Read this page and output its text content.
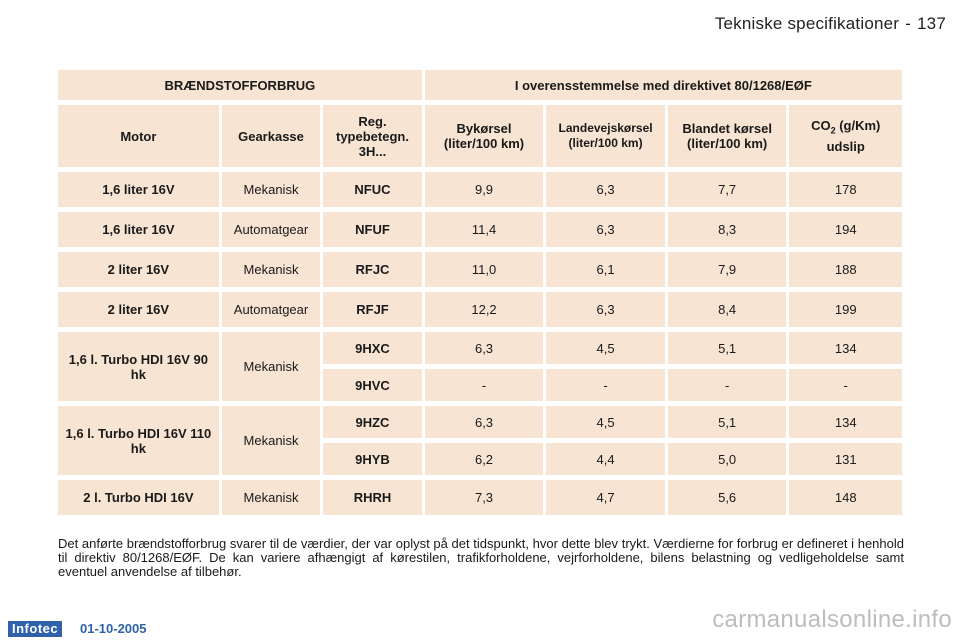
Tekniske specifikationer - 137
BRÆNDSTOFFORBRUG			I overensstemmelse med direktivet 80/1268/EØF			
Motor	Gearkasse	Reg. typebetegn. 3H...	Bykørsel (liter/100 km)	Landevejskørsel (liter/100 km)	Blandet kørsel (liter/100 km)	$CO_2$ (g/Km) udslip
1,6 liter 16V	Mekanisk	NFUC	9,9	6,3	7,7	178
1,6 liter 16V	Automatgear	NFUF	11,4	6,3	8,3	194
2 liter 16V	Mekanisk	RFJC	11,0	6,1	7,9	188
2 liter 16V	Automatgear	RFJF	12,2	6,3	8,4	199
1,6 l. Turbo HDI 16V 90 hk	Mekanisk	9HXC	6,3	4,5	5,1	134
		9HVC	-	-	-	-
1,6 l. Turbo HDI 16V 110 hk	Mekanisk	9HZC	6,3	4,5	5,1	134
		9HYB	6,2	4,4	5,0	131
2 l. Turbo HDI 16V	Mekanisk	RHRH	7,3	4,7	5,6	148
Det anførte brændstofforbrug svarer til de værdier, der var oplyst på det tidspunkt, hvor dette blev trykt. Værdierne for forbrug er defineret i henhold til direktiv 80/1268/EØF. De kan variere afhængigt af kørestilen, trafikforholdene, vejrforholdene, bilens belastning og vedligeholdelse samt eventuel anvendelse af tilbehør.
Infotec	01-10-2005	carmanualsonline.info
